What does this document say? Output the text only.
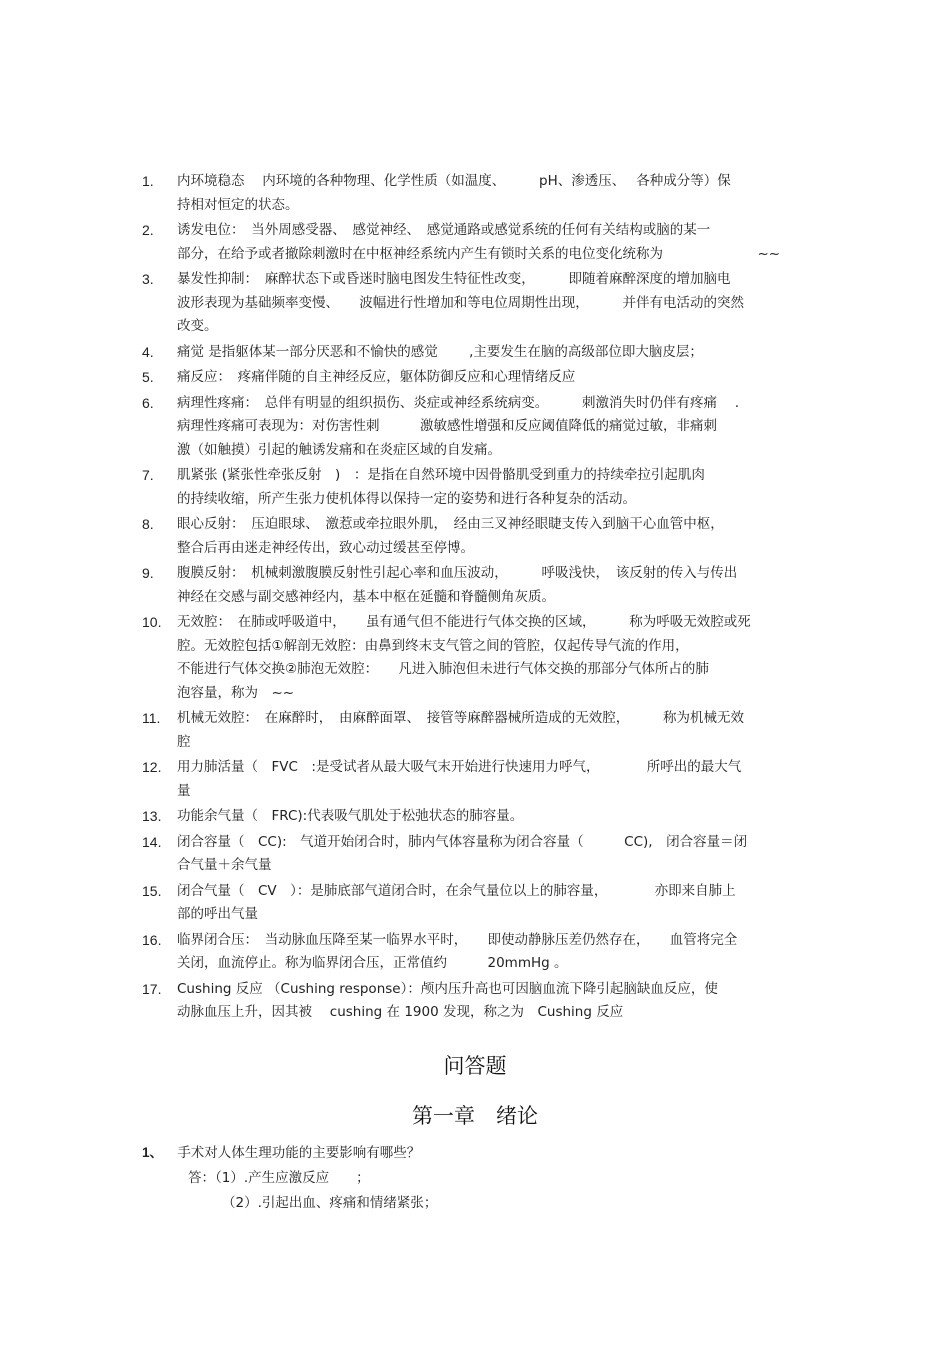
1. 内环境稳态　 内环境的各种物理、化学性质（如温度、　　　pH、渗透压、　 各种成分等）保
持相对恒定的状态。
2. 诱发电位：　当外周感受器、　感觉神经、　感觉通路或感觉系统的任何有关结构或脑的某一
部分，在给予或者撤除刺激时在中枢神经系统内产生有锁时关系的电位变化统称为　　　　　　　~~
3. 暴发性抑制：　麻醉状态下或昏迷时脑电图发生特征性改变，　　　即随着麻醉深度的增加脑电
波形表现为基础频率变慢、　　波幅进行性增加和等电位周期性出现，　　　并伴有电活动的突然
改变。
4. 痛觉 是指躯体某一部分厌恶和不愉快的感觉　　 ,主要发生在脑的高级部位即大脑皮层；
5. 痛反应：　疼痛伴随的自主神经反应，躯体防御反应和心理情绪反应
6. 病理性疼痛：　总伴有明显的组织损伤、炎症或神经系统病变。　　　刺激消失时仍伴有疼痛　 .
病理性疼痛可表现为：对伤害性刺　　　激敏感性增强和反应阈值降低的痛觉过敏，非痛刺
激（如触摸）引起的触诱发痛和在炎症区域的自发痛。
7. 肌紧张 (紧张性牵张反射　)　：是指在自然环境中因骨骼肌受到重力的持续牵拉引起肌肉
的持续收缩，所产生张力使机体得以保持一定的姿势和进行各种复杂的活动。
8. 眼心反射：　压迫眼球、　激惹或牵拉眼外肌，　经由三叉神经眼睫支传入到脑干心血管中枢，
整合后再由迷走神经传出，致心动过缓甚至停博。
9. 腹膜反射：　机械刺激腹膜反射性引起心率和血压波动，　　　呼吸浅快，　该反射的传入与传出
神经在交感与副交感神经内，基本中枢在延髓和脊髓侧角灰质。
10. 无效腔：　在肺或呼吸道中，　　虽有通气但不能进行气体交换的区域，　　　称为呼吸无效腔或死
腔。无效腔包括①解剖无效腔：由鼻到终末支气管之间的管腔，仅起传导气流的作用，
不能进行气体交换②肺泡无效腔：　　凡进入肺泡但未进行气体交换的那部分气体所占的肺
泡容量，称为　~~
11. 机械无效腔：　在麻醉时，　由麻醉面罩、　接管等麻醉器械所造成的无效腔，　　　称为机械无效
腔
12. 用力肺活量（　FVC　:是受试者从最大吸气末开始进行快速用力呼气，　　　　所呼出的最大气
量
13. 功能余气量（　FRC):代表吸气肌处于松弛状态的肺容量。
14. 闭合容量（　CC):　气道开始闭合时，肺内气体容量称为闭合容量（　　　CC),　闭合容量＝闭
合气量＋余气量
15. 闭合气量（　CV　）：是肺底部气道闭合时，在余气量位以上的肺容量，　　　　亦即来自肺上
部的呼出气量
16. 临界闭合压：　当动脉血压降至某一临界水平时，　　即使动静脉压差仍然存在，　　血管将完全
关闭，血流停止。称为临界闭合压，正常值约　　　20mmHg 。
17. Cushing 反应 （Cushing response）：颅内压升高也可因脑血流下降引起脑缺血反应，使
动脉血压上升，因其被　 cushing 在 1900 发现，称之为　Cushing 反应
问答题
第一章　绪论
1、 手术对人体生理功能的主要影响有哪些？
答：（1）.产生应激反应　　；
（2）.引起出血、疼痛和情绪紧张；
